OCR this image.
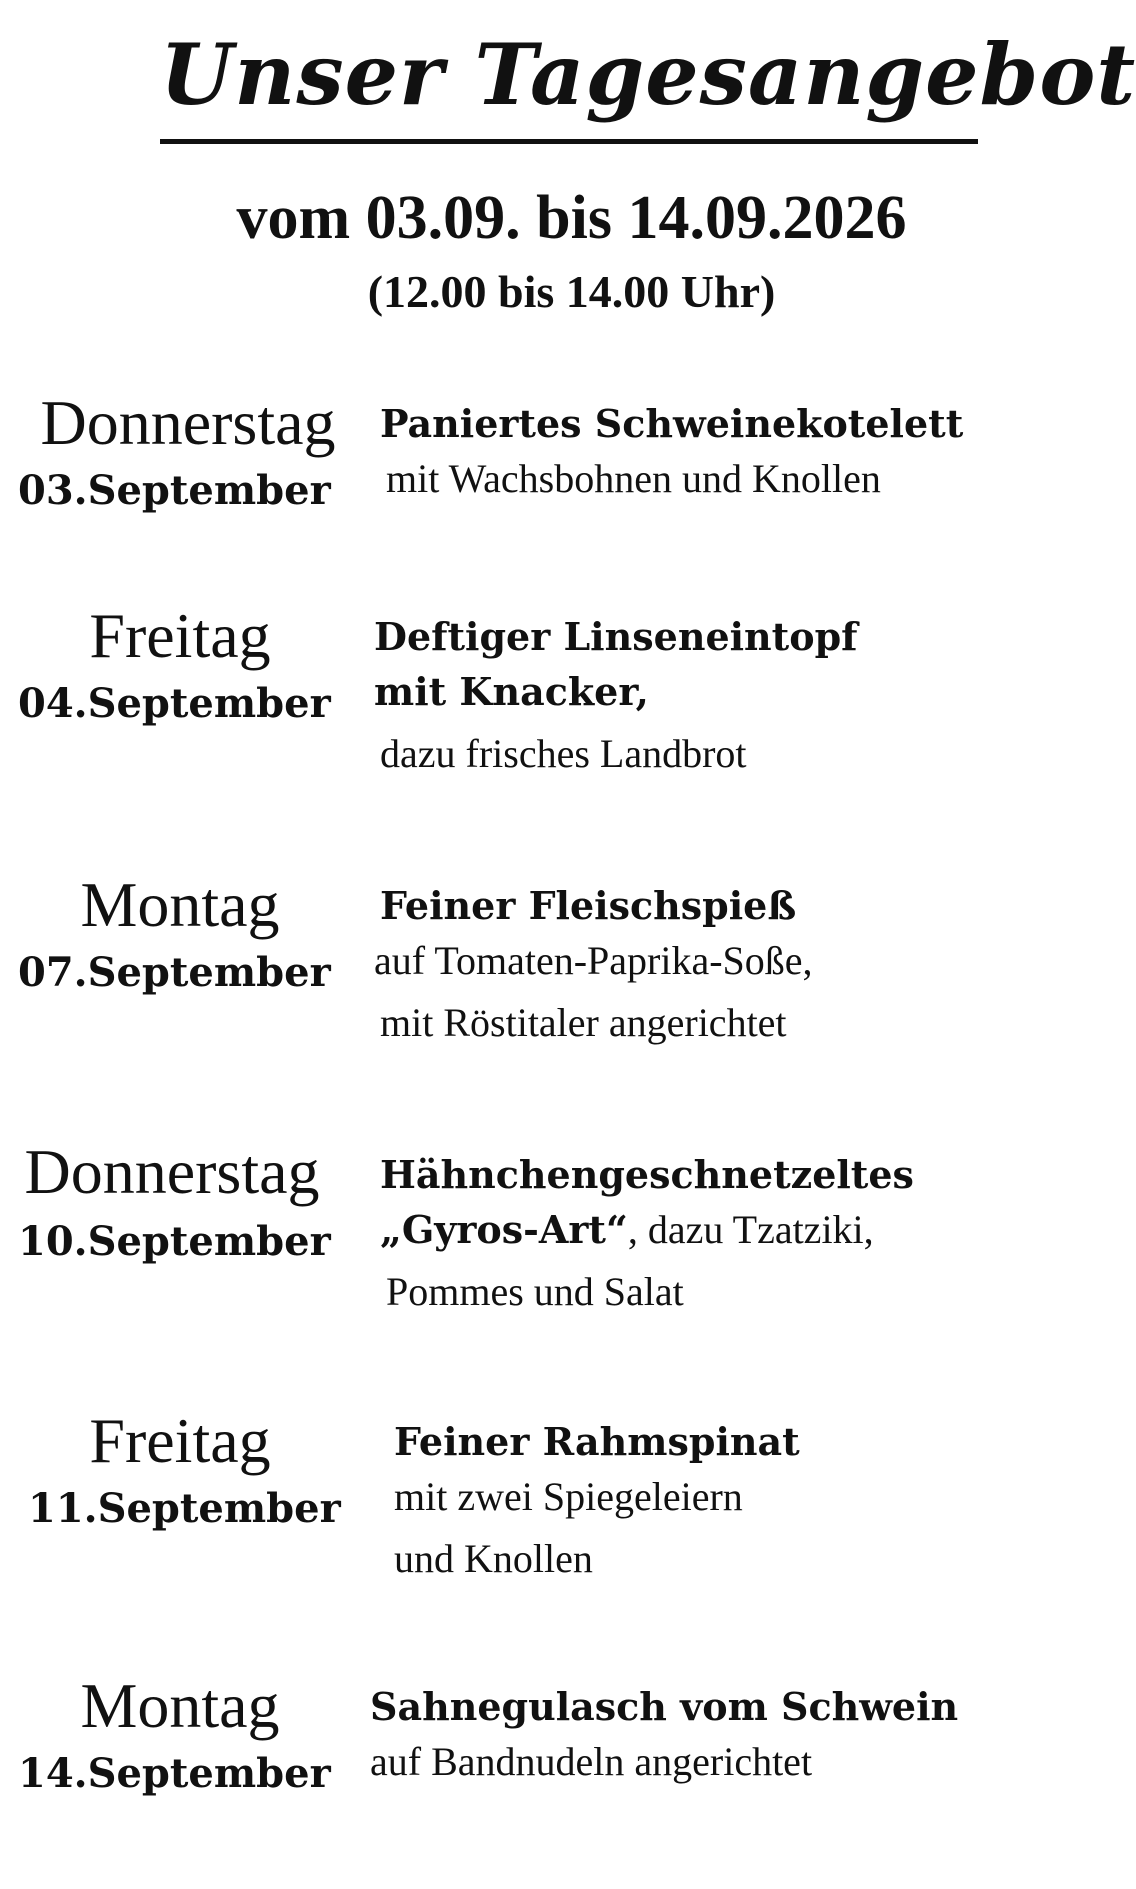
Unser Tagesangebot
vom 03.09. bis 14.09.2026
(12.00 bis 14.00 Uhr)
Donnerstag
03.September
Paniertes Schweinekotelett
mit Wachsbohnen und Knollen
Freitag
04.September
Deftiger Linseneintopf
mit Knacker,
dazu frisches Landbrot
Montag
07.September
Feiner Fleischspieß
auf Tomaten-Paprika-Soße,
mit Röstitaler angerichtet
Donnerstag
10.September
Hähnchengeschnetzeltes
„Gyros-Art“, dazu Tzatziki,
Pommes und Salat
Freitag
11.September
Feiner Rahmspinat
mit zwei Spiegeleiern
und Knollen
Montag
14.September
Sahnegulasch vom Schwein
auf Bandnudeln angerichtet
